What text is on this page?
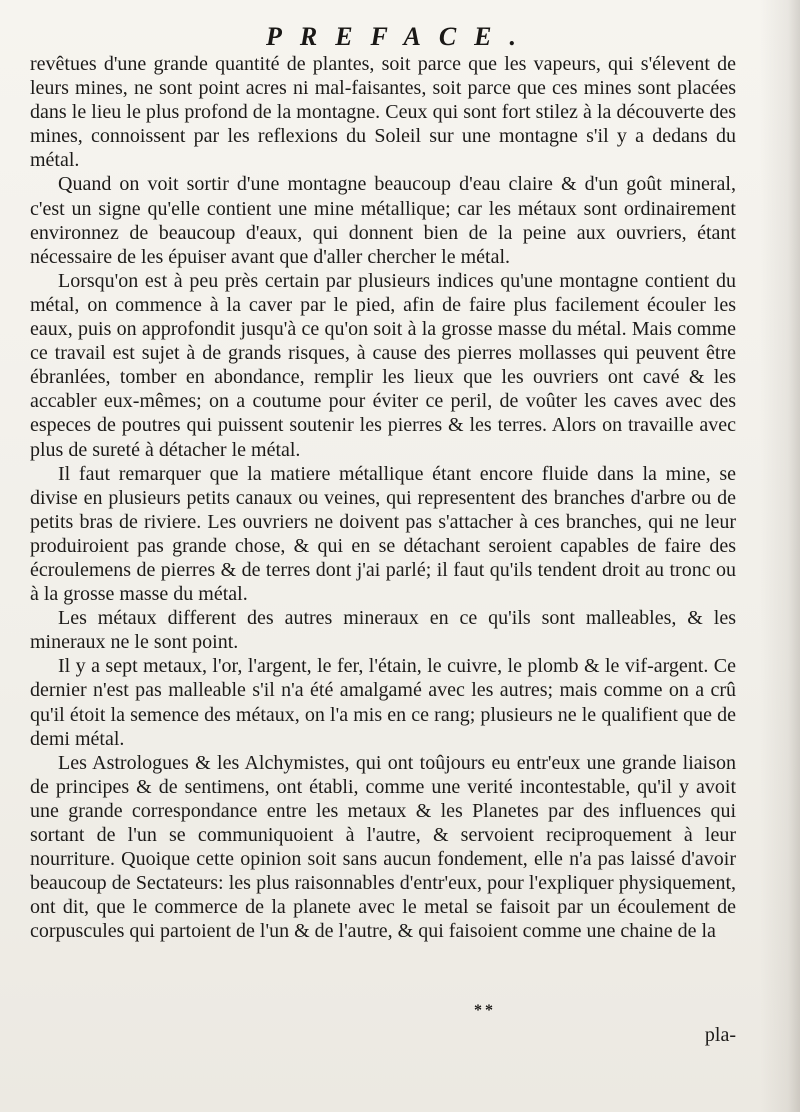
PREFACE.

revêtues d'une grande quantité de plantes, soit parce que les vapeurs, qui s'élevent de leurs mines, ne sont point acres ni mal-faisantes, soit parce que ces mines sont placées dans le lieu le plus profond de la montagne. Ceux qui sont fort stilez à la découverte des mines, connoissent par les reflexions du Soleil sur une montagne s'il y a dedans du métal.

Quand on voit sortir d'une montagne beaucoup d'eau claire & d'un goût mineral, c'est un signe qu'elle contient une mine métallique; car les métaux sont ordinairement environnez de beaucoup d'eaux, qui donnent bien de la peine aux ouvriers, étant nécessaire de les épuiser avant que d'aller chercher le métal.

Lorsqu'on est à peu près certain par plusieurs indices qu'une montagne contient du métal, on commence à la caver par le pied, afin de faire plus facilement écouler les eaux, puis on approfondit jusqu'à ce qu'on soit à la grosse masse du métal. Mais comme ce travail est sujet à de grands risques, à cause des pierres mollasses qui peuvent être ébranlées, tomber en abondance, remplir les lieux que les ouvriers ont cavé & les accabler eux-mêmes; on a coutume pour éviter ce peril, de voûter les caves avec des especes de poutres qui puissent soutenir les pierres & les terres. Alors on travaille avec plus de sureté à détacher le métal.

Il faut remarquer que la matiere métallique étant encore fluide dans la mine, se divise en plusieurs petits canaux ou veines, qui representent des branches d'arbre ou de petits bras de riviere. Les ouvriers ne doivent pas s'attacher à ces branches, qui ne leur produiroient pas grande chose, & qui en se détachant seroient capables de faire des écroulemens de pierres & de terres dont j'ai parlé; il faut qu'ils tendent droit au tronc ou à la grosse masse du métal.

Les métaux different des autres mineraux en ce qu'ils sont malleables, & les mineraux ne le sont point.

Il y a sept metaux, l'or, l'argent, le fer, l'étain, le cuivre, le plomb & le vif-argent. Ce dernier n'est pas malleable s'il n'a été amalgamé avec les autres; mais comme on a crû qu'il étoit la semence des métaux, on l'a mis en ce rang; plusieurs ne le qualifient que de demi métal.

Les Astrologues & les Alchymistes, qui ont toûjours eu entr'eux une grande liaison de principes & de sentimens, ont établi, comme une verité incontestable, qu'il y avoit une grande correspondance entre les metaux & les Planetes par des influences qui sortant de l'un se communiquoient à l'autre, & servoient reciproquement à leur nourriture. Quoique cette opinion soit sans aucun fondement, elle n'a pas laissé d'avoir beaucoup de Sectateurs: les plus raisonnables d'entr'eux, pour l'expliquer physiquement, ont dit, que le commerce de la planete avec le metal se faisoit par un écoulement de corpuscules qui partoient de l'un & de l'autre, & qui faisoient comme une chaine de la

**
pla-
